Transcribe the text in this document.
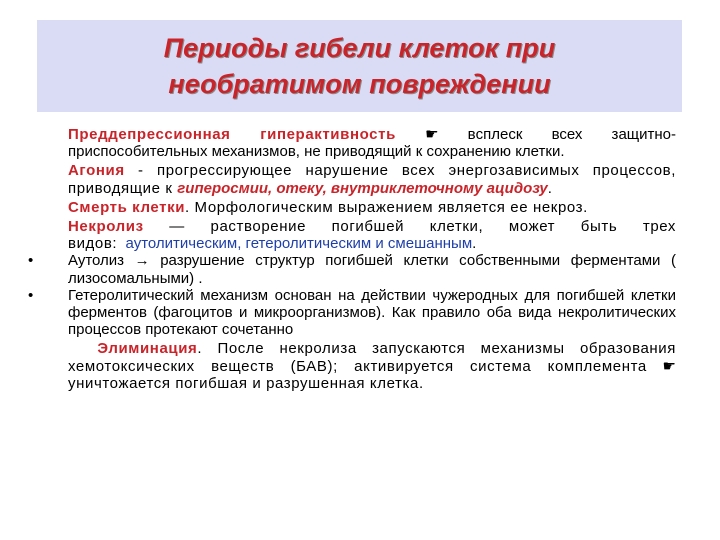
Периоды гибели клеток при
необратимом повреждении
Преддепрессионная гиперактивность ☛ вcплеск всех защитно-приспособительных механизмов, не приводящий к сохранению клетки.
Агония - прогрессирующее нарушение всех энергозависимых процессов, приводящие к гиперосмии, отеку, внутриклеточному ацидозу.
Смерть клетки. Морфологическим выражением является ее некроз.
Некролиз — растворение погибшей клетки, может быть трех видов: аутолитическим, гетеролитическим и смешанным.
• Аутолиз → разрушение структур погибшей клетки собственными ферментами ( лизосомальными) .
• Гетеролитический механизм основан на действии чужеродных для погибшей клетки ферментов (фагоцитов и микроорганизмов). Как правило оба вида некролитических процессов протекают сочетанно
Элиминация. После некролиза запускаются механизмы образования хемотоксических веществ (БАВ); активируется система комплемента ☛ уничтожается погибшая и разрушенная клетка.
